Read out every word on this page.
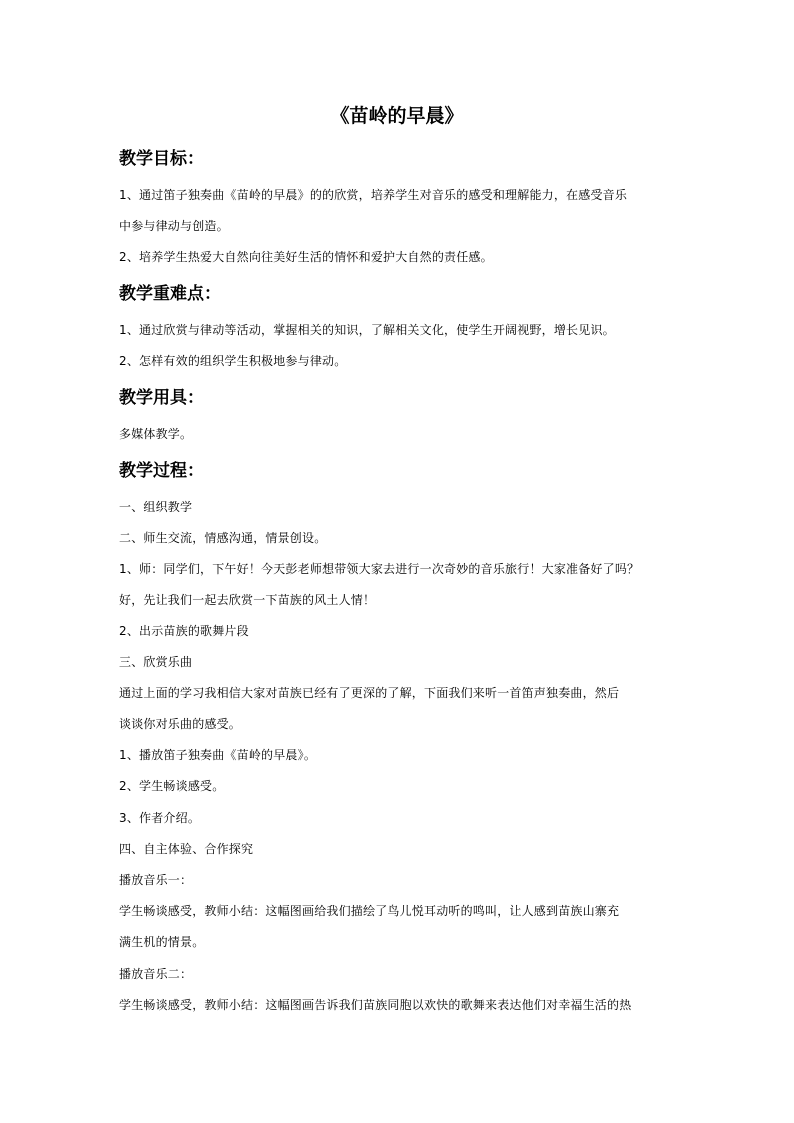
《苗岭的早晨》
教学目标：
1、通过笛子独奏曲《苗岭的早晨》的的欣赏，培养学生对音乐的感受和理解能力，在感受音乐
中参与律动与创造。
2、培养学生热爱大自然向往美好生活的情怀和爱护大自然的责任感。
教学重难点：
1、通过欣赏与律动等活动，掌握相关的知识，了解相关文化，使学生开阔视野，增长见识。
2、怎样有效的组织学生积极地参与律动。
教学用具：
多媒体教学。
教学过程：
一、组织教学
二、师生交流，情感沟通，情景创设。
1、师：同学们，下午好！今天彭老师想带领大家去进行一次奇妙的音乐旅行！大家准备好了吗？
好，先让我们一起去欣赏一下苗族的风土人情！
2、出示苗族的歌舞片段
三、欣赏乐曲
通过上面的学习我相信大家对苗族已经有了更深的了解，下面我们来听一首笛声独奏曲，然后
谈谈你对乐曲的感受。
1、播放笛子独奏曲《苗岭的早晨》。
2、学生畅谈感受。
3、作者介绍。
四、自主体验、合作探究
播放音乐一：
学生畅谈感受，教师小结：这幅图画给我们描绘了鸟儿悦耳动听的鸣叫，让人感到苗族山寨充
满生机的情景。
播放音乐二：
学生畅谈感受，教师小结：这幅图画告诉我们苗族同胞以欢快的歌舞来表达他们对幸福生活的热
